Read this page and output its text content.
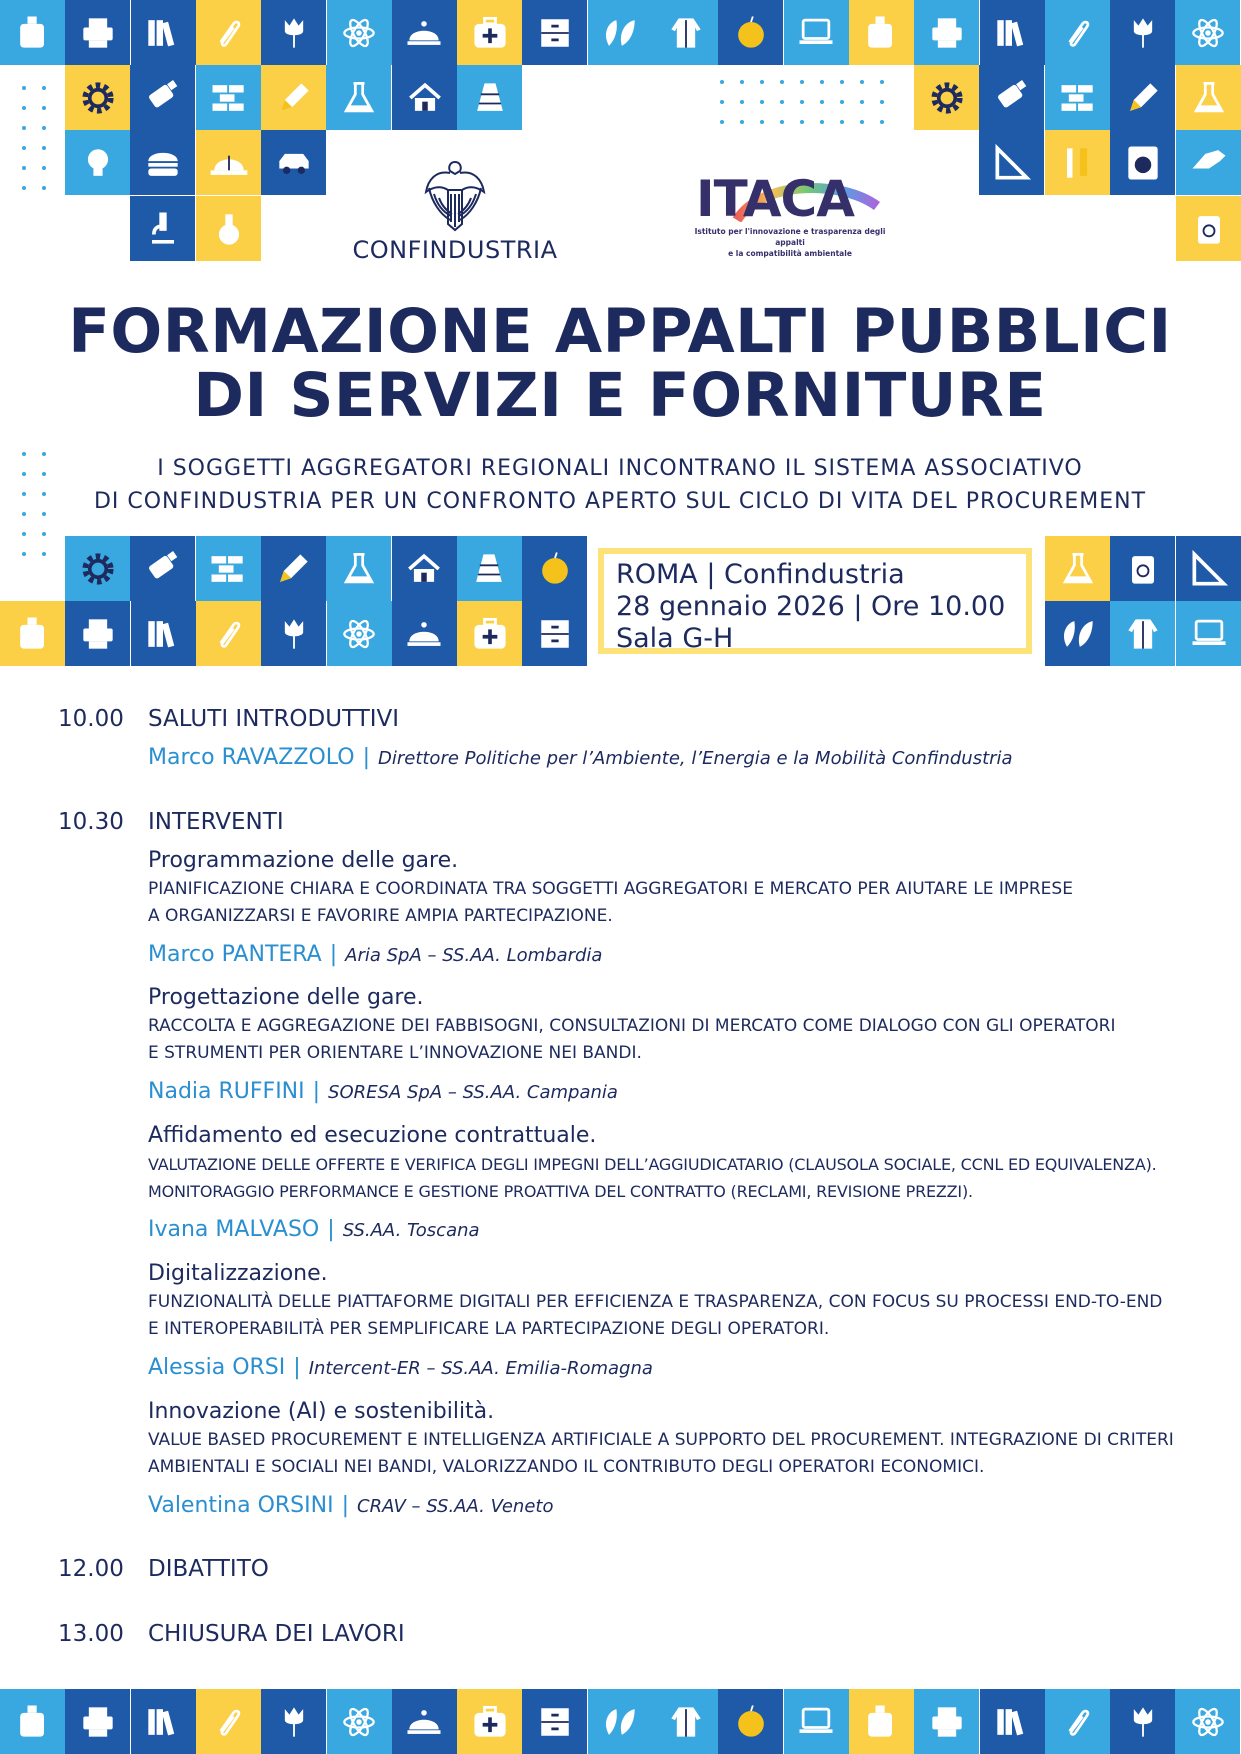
CONFINDUSTRIA
ITACA
Istituto per l'innovazione e trasparenza degli appalti
e la compatibilità ambientale
FORMAZIONE APPALTI PUBBLICI
DI SERVIZI E FORNITURE
I SOGGETTI AGGREGATORI REGIONALI INCONTRANO IL SISTEMA ASSOCIATIVO
DI CONFINDUSTRIA PER UN CONFRONTO APERTO SUL CICLO DI VITA DEL PROCUREMENT
ROMA | Confindustria
28 gennaio 2026 | Ore 10.00
Sala G-H
10.00 SALUTI INTRODUTTIVI
Marco RAVAZZOLO | Direttore Politiche per l’Ambiente, l’Energia e la Mobilità Confindustria
10.30 INTERVENTI
Programmazione delle gare.
PIANIFICAZIONE CHIARA E COORDINATA TRA SOGGETTI AGGREGATORI E MERCATO PER AIUTARE LE IMPRESE
A ORGANIZZARSI E FAVORIRE AMPIA PARTECIPAZIONE.
Marco PANTERA | Aria SpA – SS.AA. Lombardia
Progettazione delle gare.
RACCOLTA E AGGREGAZIONE DEI FABBISOGNI, CONSULTAZIONI DI MERCATO COME DIALOGO CON GLI OPERATORI
E STRUMENTI PER ORIENTARE L’INNOVAZIONE NEI BANDI.
Nadia RUFFINI | SORESA SpA – SS.AA. Campania
Affidamento ed esecuzione contrattuale.
VALUTAZIONE DELLE OFFERTE E VERIFICA DEGLI IMPEGNI DELL’AGGIUDICATARIO (CLAUSOLA SOCIALE, CCNL ED EQUIVALENZA).
MONITORAGGIO PERFORMANCE E GESTIONE PROATTIVA DEL CONTRATTO (RECLAMI, REVISIONE PREZZI).
Ivana MALVASO | SS.AA. Toscana
Digitalizzazione.
FUNZIONALITÀ DELLE PIATTAFORME DIGITALI PER EFFICIENZA E TRASPARENZA, CON FOCUS SU PROCESSI END-TO-END
E INTEROPERABILITÀ PER SEMPLIFICARE LA PARTECIPAZIONE DEGLI OPERATORI.
Alessia ORSI | Intercent-ER – SS.AA. Emilia-Romagna
Innovazione (AI) e sostenibilità.
VALUE BASED PROCUREMENT E INTELLIGENZA ARTIFICIALE A SUPPORTO DEL PROCUREMENT. INTEGRAZIONE DI CRITERI
AMBIENTALI E SOCIALI NEI BANDI, VALORIZZANDO IL CONTRIBUTO DEGLI OPERATORI ECONOMICI.
Valentina ORSINI | CRAV – SS.AA. Veneto
12.00 DIBATTITO
13.00 CHIUSURA DEI LAVORI
